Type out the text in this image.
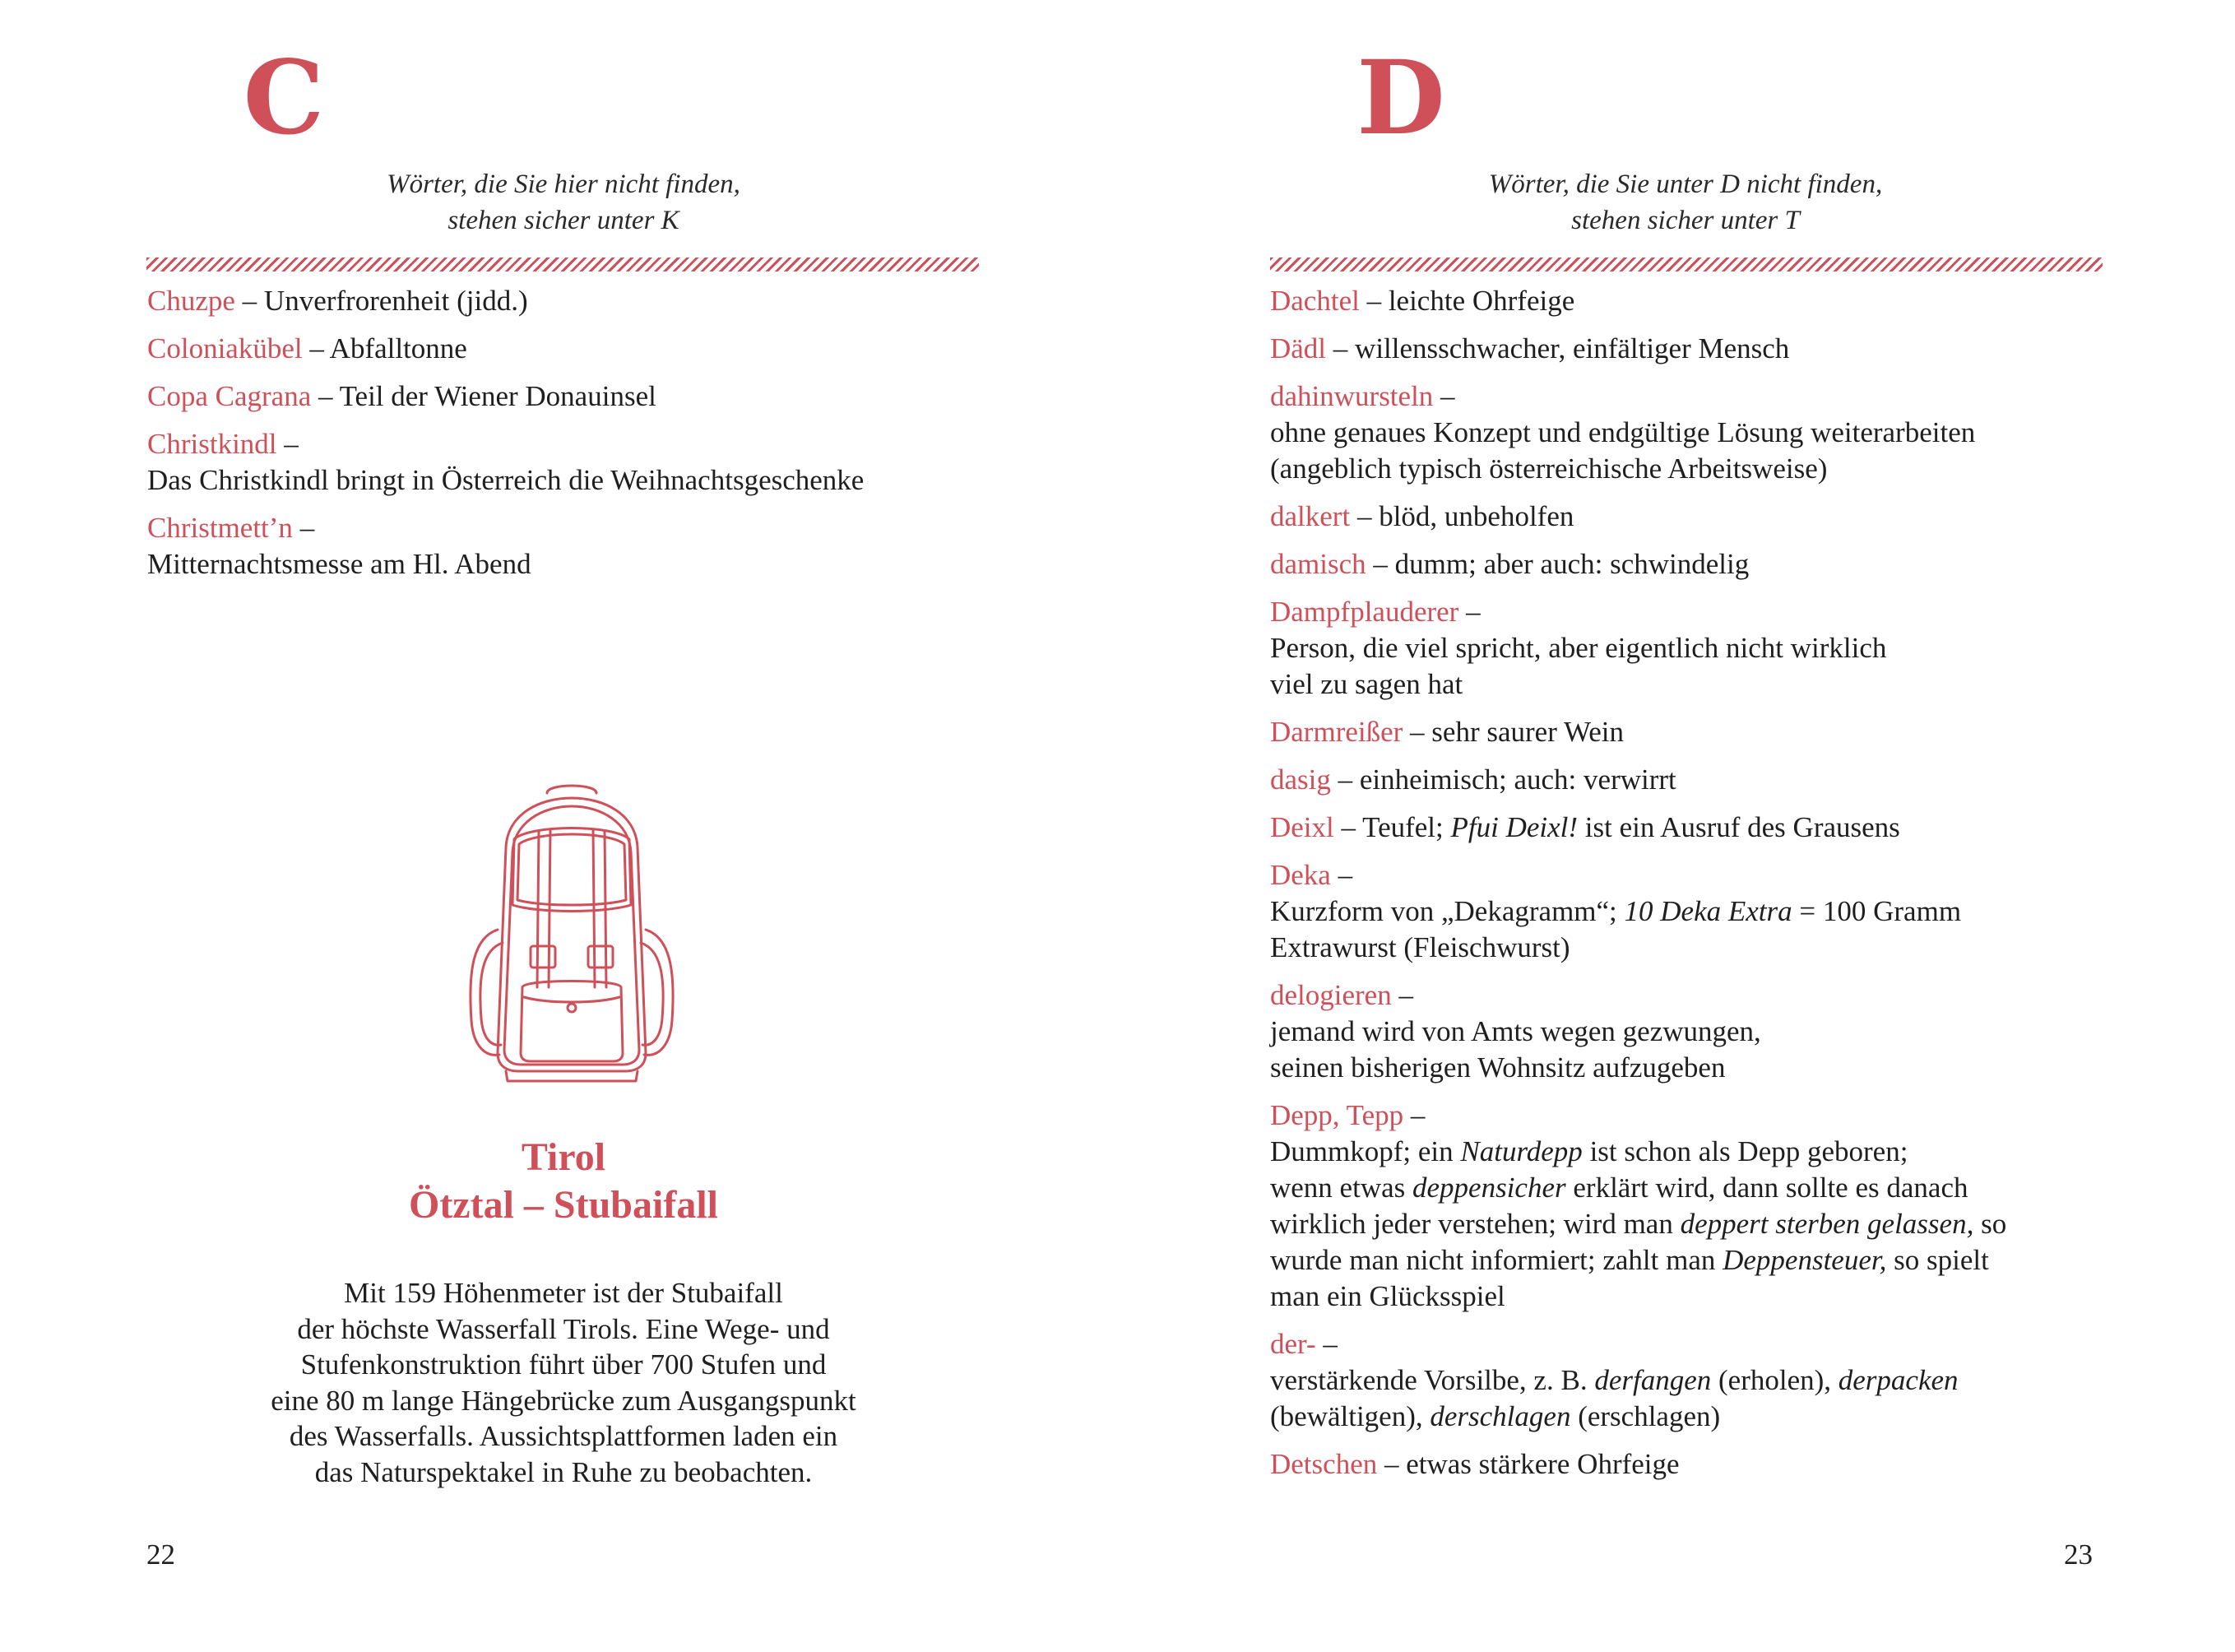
C
Wörter, die Sie hier nicht finden,
stehen sicher unter K
Chuzpe – Unverfrorenheit (jidd.)
Coloniakübel – Abfalltonne
Copa Cagrana – Teil der Wiener Donauinsel
Christkindl –
Das Christkindl bringt in Österreich die Weihnachtsgeschenke
Christmett’n –
Mitternachtsmesse am Hl. Abend
Tirol
Ötztal – Stubaifall
Mit 159 Höhenmeter ist der Stubaifall
der höchste Wasserfall Tirols. Eine Wege- und
Stufenkonstruktion führt über 700 Stufen und
eine 80 m lange Hängebrücke zum Ausgangspunkt
des Wasserfalls. Aussichtsplattformen laden ein
das Naturspektakel in Ruhe zu beobachten.
22
D
Wörter, die Sie unter D nicht finden,
stehen sicher unter T
Dachtel – leichte Ohrfeige
Dädl – willensschwacher, einfältiger Mensch
dahinwursteln –
ohne genaues Konzept und endgültige Lösung weiterarbeiten
(angeblich typisch österreichische Arbeitsweise)
dalkert – blöd, unbeholfen
damisch – dumm; aber auch: schwindelig
Dampfplauderer –
Person, die viel spricht, aber eigentlich nicht wirklich
viel zu sagen hat
Darmreißer – sehr saurer Wein
dasig – einheimisch; auch: verwirrt
Deixl – Teufel; Pfui Deixl! ist ein Ausruf des Grausens
Deka –
Kurzform von „Dekagramm“; 10 Deka Extra = 100 Gramm
Extrawurst (Fleischwurst)
delogieren –
jemand wird von Amts wegen gezwungen,
seinen bisherigen Wohnsitz aufzugeben
Depp, Tepp –
Dummkopf; ein Naturdepp ist schon als Depp geboren;
wenn etwas deppensicher erklärt wird, dann sollte es danach
wirklich jeder verstehen; wird man deppert sterben gelassen, so
wurde man nicht informiert; zahlt man Deppensteuer, so spielt
man ein Glücksspiel
der- –
verstärkende Vorsilbe, z. B. derfangen (erholen), derpacken
(bewältigen), derschlagen (erschlagen)
Detschen – etwas stärkere Ohrfeige
23
